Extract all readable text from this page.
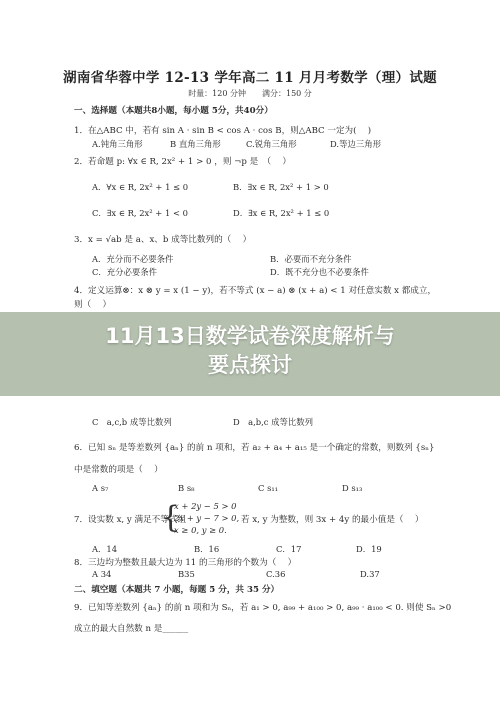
湖南省华蓉中学 12-13 学年高二 11 月月考数学（理）试题
时量：120 分钟　　满分：150 分
一、选择题（本题共8小题，每小题 5分，共40分）
1．在△ABC 中，若有 sin A · sin B < cos A · cos B，则△ABC 一定为(　 )
A.钝角三角形	B 直角三角形	C.锐角三角形	D.等边三角形
2．若命题 p: ∀x ∈ R, 2x² + 1 > 0 ，则 ¬p 是　（　 ）
A．∀x ∈ R, 2x² + 1 ≤ 0	B．∃x ∈ R, 2x² + 1 > 0
C．∃x ∈ R, 2x² + 1 < 0	D．∃x ∈ R, 2x² + 1 ≤ 0
3．x = √ab 是 a、x、b 成等比数列的（　 ）
A．充分而不必要条件	B．必要而不充分条件
C．充分必要条件	D．既不充分也不必要条件
4．定义运算⊗：x ⊗ y = x (1 − y)，若不等式 (x − a) ⊗ (x + a) < 1 对任意实数 x 都成立，
则（　 ）
C　a,c,b 成等比数列	D　a,b,c 成等比数列
6．已知 sₙ 是等差数列 {aₙ} 的前 n 项和，若 a₂ + a₄ + a₁₅ 是一个确定的常数，则数列 {sₙ}
中是常数的项是（　 ）
A s₇	B s₈	C s₁₁	D s₁₃
7．设实数 x, y 满足不等式组
{
x + 2y − 5 > 0
2x + y − 7 > 0,
x ≥ 0, y ≥ 0.
若 x, y 为整数，则 3x + 4y 的最小值是（　 ）
A．14	B．16	C．17	D．19
8．三边均为整数且最大边为 11 的三角形的个数为（　 ）
A 34	B35	C.36	D.37
二、填空题（本题共 7 小题，每题 5 分，共 35 分）
9．已知等差数列 {aₙ} 的前 n 项和为 Sₙ，若 a₁ > 0, a₉₉ + a₁₀₀ > 0, a₉₉ · a₁₀₀ < 0. 则使 Sₙ >0
成立的最大自然数 n 是______
11月13日数学试卷深度解析与
要点探讨
